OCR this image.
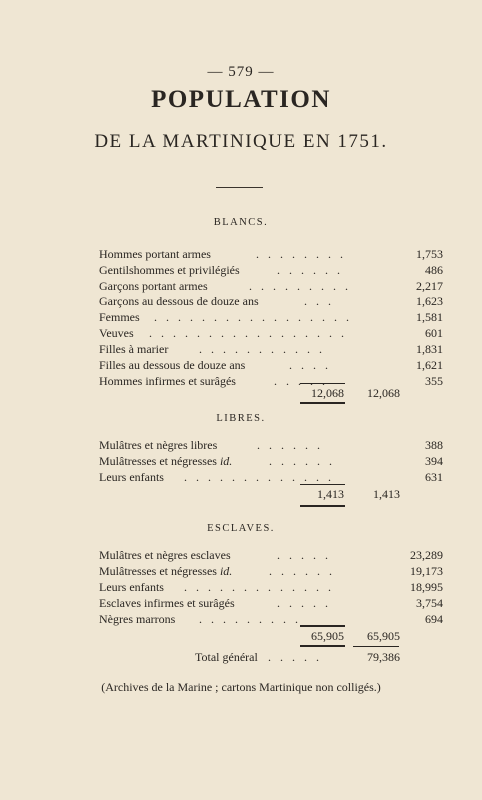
— 579 —
POPULATION
DE LA MARTINIQUE EN 1751.
BLANCS.
Hommes portant armes	. . . . . . . .	1,753
Gentilshommes et privilégiés	. . . . . .	486
Garçons portant armes	. . . . . . . . .	2,217
Garçons au dessous de douze ans	. . .	1,623
Femmes . . . . . . . . . . . . . . . . .	1,581
Veuves . . . . . . . . . . . . . . . . .	601
Filles à marier	. . . . . . . . . . .	1,831
Filles au dessous de douze ans	. . . .	1,621
Hommes infirmes et surâgés	. . . . .	355
12,068	12,068
LIBRES.
Mulâtres et nègres libres	. . . . . .	388
Mulâtresses et négresses id.	. . . . . .	394
Leurs enfants . . . . . . . . . . . . .	631
1,413	1,413
ESCLAVES.
Mulâtres et nègres esclaves	. . . . .	23,289
Mulâtresses et négresses id.	. . . . . .	19,173
Leurs enfants . . . . . . . . . . . . .	18,995
Esclaves infirmes et surâgés	. . . . .	3,754
Nègres marrons . . . . . . . . .	694
65,905	65,905
Total général . . . . .	79,386
(Archives de la Marine ; cartons Martinique non colligés.)
